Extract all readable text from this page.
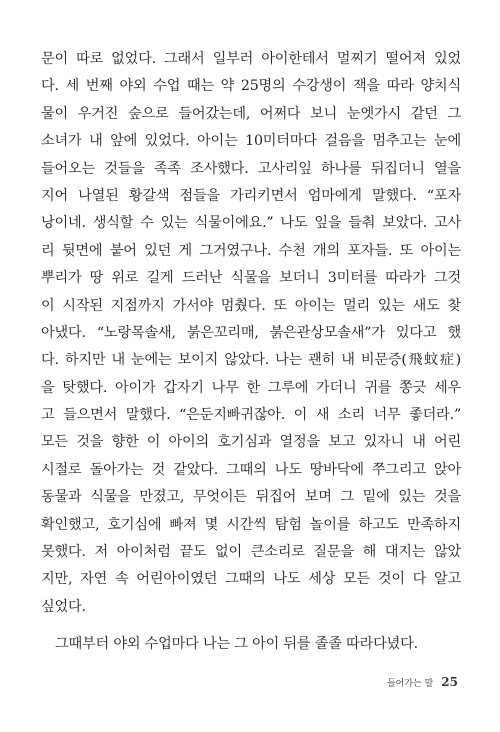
문이 따로 없었다. 그래서 일부러 아이한테서 멀찌기 떨어져 있었
다. 세 번째 야외 수업 때는 약 25명의 수강생이 잭을 따라 양치식
물이 우거진 숲으로 들어갔는데, 어쩌다 보니 눈엣가시 같던 그
소녀가 내 앞에 있었다. 아이는 10미터마다 걸음을 멈추고는 눈에
들어오는 것들을 족족 조사했다. 고사리잎 하나를 뒤집더니 열을
지어 나열된 황갈색 점들을 가리키면서 엄마에게 말했다. “포자
낭이네. 생식할 수 있는 식물이에요.” 나도 잎을 들춰 보았다. 고사
리 뒷면에 붙어 있던 게 그거였구나. 수천 개의 포자들. 또 아이는
뿌리가 땅 위로 길게 드러난 식물을 보더니 3미터를 따라가 그것
이 시작된 지점까지 가서야 멈췄다. 또 아이는 멀리 있는 새도 찾
아냈다. “노랑목솔새, 붉은꼬리매, 붉은관상모솔새”가 있다고 했
다. 하지만 내 눈에는 보이지 않았다. 나는 괜히 내 비문증(飛蚊症)
을 탓했다. 아이가 갑자기 나무 한 그루에 가더니 귀를 쫑긋 세우
고 들으면서 말했다. “은둔지빠귀잖아. 이 새 소리 너무 좋더라.”
모든 것을 향한 이 아이의 호기심과 열정을 보고 있자니 내 어린
시절로 돌아가는 것 같았다. 그때의 나도 땅바닥에 쭈그리고 앉아
동물과 식물을 만졌고, 무엇이든 뒤집어 보며 그 밑에 있는 것을
확인했고, 호기심에 빠져 몇 시간씩 탐험 놀이를 하고도 만족하지
못했다. 저 아이처럼 끝도 없이 큰소리로 질문을 해 대지는 않았
지만, 자연 속 어린아이였던 그때의 나도 세상 모든 것이 다 알고
싶었다.
그때부터 야외 수업마다 나는 그 아이 뒤를 졸졸 따라다녔다.
들어가는 말 25
